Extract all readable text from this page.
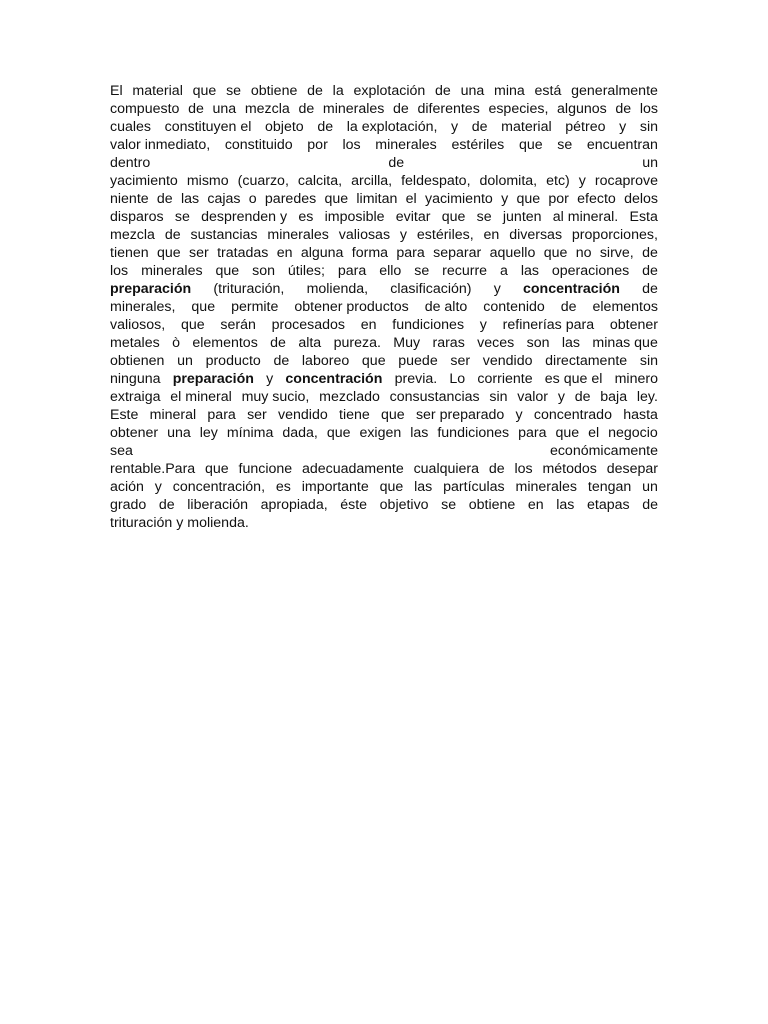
El material que se obtiene de la explotación de una mina está generalmente
compuesto de una mezcla de minerales de diferentes especies, algunos de los
cuales constituyen el objeto de la explotación, y de material pétreo y sin
valor inmediato, constituido por los minerales estériles que se encuentran
dentro	de	un
yacimiento mismo (cuarzo, calcita, arcilla, feldespato, dolomita, etc) y rocaprove
niente de las cajas o paredes que limitan el yacimiento y que por efecto delos
disparos se desprenden y es imposible evitar que se junten al mineral. Esta
mezcla de sustancias minerales valiosas y estériles, en diversas proporciones,
tienen que ser tratadas en alguna forma para separar aquello que no sirve, de
los minerales que son útiles; para ello se recurre a las operaciones de
preparación (trituración, molienda, clasificación) y concentración de
minerales, que permite obtener productos de alto contenido de elementos
valiosos, que serán procesados en fundiciones y refinerías para obtener
metales ò elementos de alta pureza. Muy raras veces son las minas que
obtienen un producto de laboreo que puede ser vendido directamente sin
ninguna preparación y concentración previa. Lo corriente es que el minero
extraiga el mineral muy sucio, mezclado consustancias sin valor y de baja ley.
Este mineral para ser vendido tiene que ser preparado y concentrado hasta
obtener una ley mínima dada, que exigen las fundiciones para que el negocio
sea	económicamente
rentable.Para que funcione adecuadamente cualquiera de los métodos desepar
ación y concentración, es importante que las partículas minerales tengan un
grado de liberación apropiada, éste objetivo se obtiene en las etapas de
trituración y molienda.
